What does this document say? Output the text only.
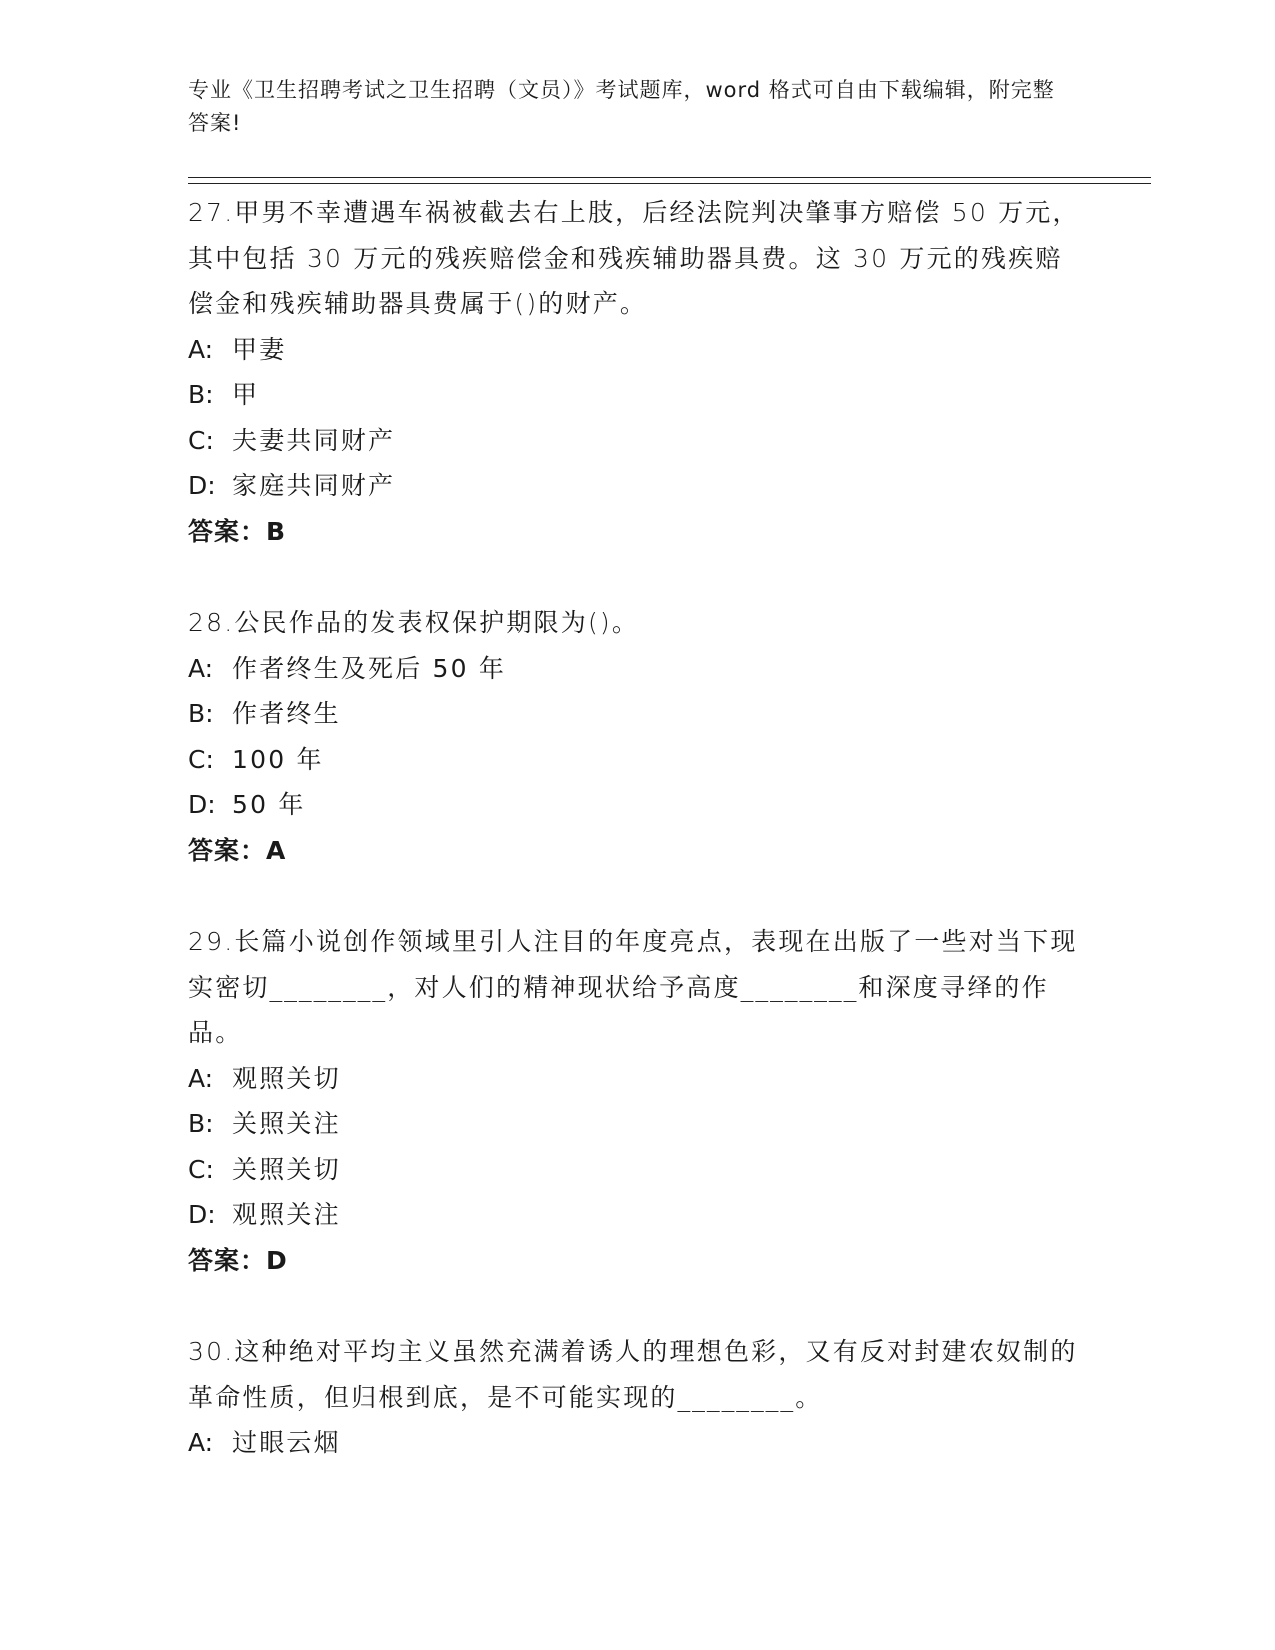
专业《卫生招聘考试之卫生招聘（文员）》考试题库，word 格式可自由下载编辑，附完整答案!
27.甲男不幸遭遇车祸被截去右上肢，后经法院判决肇事方赔偿 50 万元，其中包括 30 万元的残疾赔偿金和残疾辅助器具费。这 30 万元的残疾赔偿金和残疾辅助器具费属于()的财产。
A: 甲妻
B: 甲
C: 夫妻共同财产
D: 家庭共同财产
答案：B
28.公民作品的发表权保护期限为()。
A: 作者终生及死后 50 年
B: 作者终生
C: 100 年
D: 50 年
答案：A
29.长篇小说创作领域里引人注目的年度亮点，表现在出版了一些对当下现实密切________，对人们的精神现状给予高度________和深度寻绎的作品。
A: 观照关切
B: 关照关注
C: 关照关切
D: 观照关注
答案：D
30.这种绝对平均主义虽然充满着诱人的理想色彩，又有反对封建农奴制的革命性质，但归根到底，是不可能实现的________。
A: 过眼云烟
